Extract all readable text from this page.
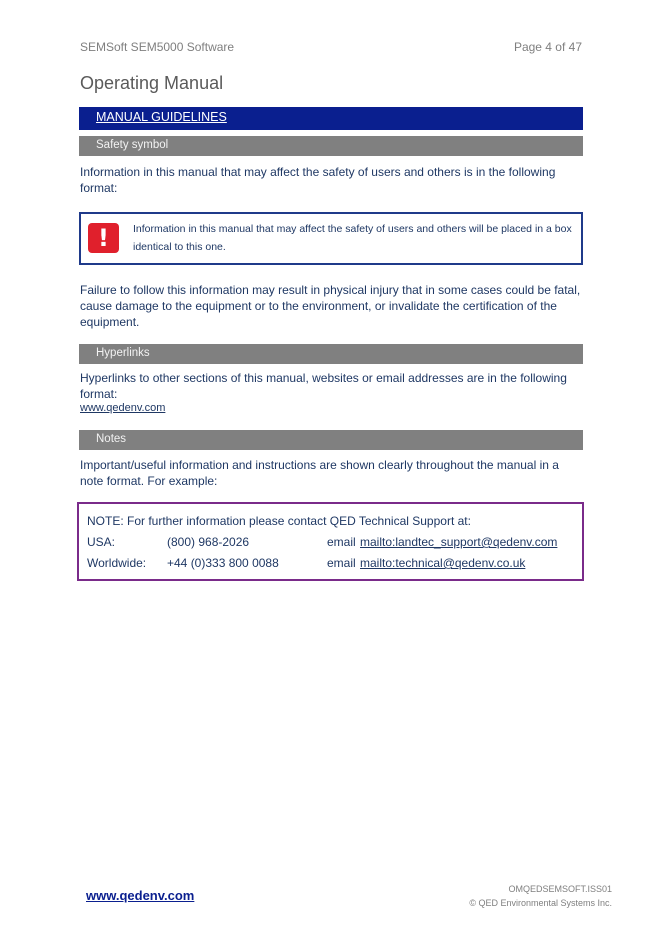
SEMSoft SEM5000 Software	Page 4 of 47
Operating Manual
MANUAL GUIDELINES
Safety symbol
Information in this manual that may affect the safety of users and others is in the following format:
!	Information in this manual that may affect the safety of users and others will be placed in a box identical to this one.
Failure to follow this information may result in physical injury that in some cases could be fatal, cause damage to the equipment or to the environment, or invalidate the certification of the equipment.
Hyperlinks
Hyperlinks to other sections of this manual, websites or email addresses are in the following format:
www.qedenv.com
Notes
Important/useful information and instructions are shown clearly throughout the manual in a note format. For example:
NOTE: For further information please contact QED Technical Support at:
USA:	(800) 968-2026	email mailto:landtec_support@qedenv.com
Worldwide: +44 (0)333 800 0088	email mailto:technical@qedenv.co.uk
www.qedenv.com	OMQEDSEMSOFT.ISS01
© QED Environmental Systems Inc.
